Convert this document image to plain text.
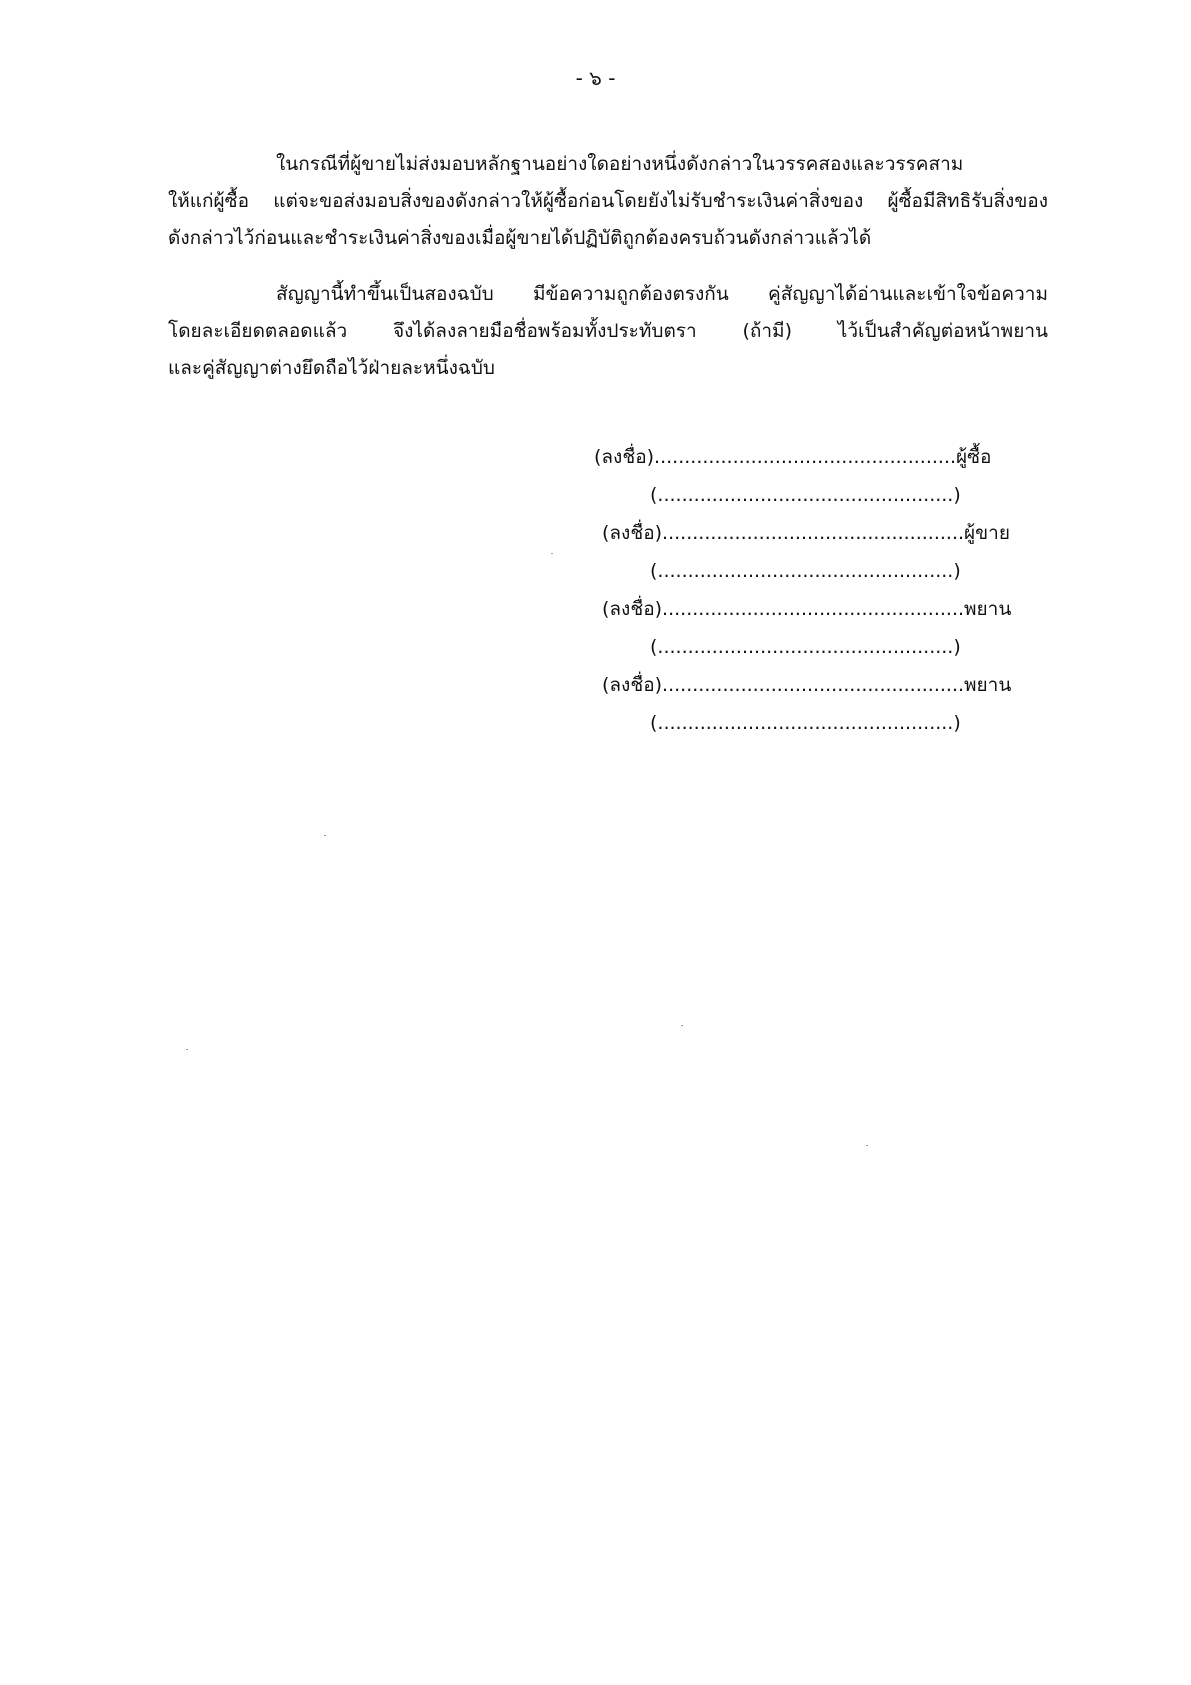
- ๖ -
ในกรณีที่ผู้ขายไม่ส่งมอบหลักฐานอย่างใดอย่างหนึ่งดังกล่าวในวรรคสองและวรรคสาม
ให้แก่ผู้ซื้อ แต่จะขอส่งมอบสิ่งของดังกล่าวให้ผู้ซื้อก่อนโดยยังไม่รับชำระเงินค่าสิ่งของ ผู้ซื้อมีสิทธิรับสิ่งของ
ดังกล่าวไว้ก่อนและชำระเงินค่าสิ่งของเมื่อผู้ขายได้ปฏิบัติถูกต้องครบถ้วนดังกล่าวแล้วได้
สัญญานี้ทำขึ้นเป็นสองฉบับ มีข้อความถูกต้องตรงกัน คู่สัญญาได้อ่านและเข้าใจข้อความ
โดยละเอียดตลอดแล้ว จึงได้ลงลายมือชื่อพร้อมทั้งประทับตรา (ถ้ามี) ไว้เป็นสำคัญต่อหน้าพยาน
และคู่สัญญาต่างยึดถือไว้ฝ่ายละหนึ่งฉบับ
(ลงชื่อ)..................................................ผู้ซื้อ
(.................................................)
(ลงชื่อ)..................................................ผู้ขาย
(.................................................)
(ลงชื่อ)..................................................พยาน
(.................................................)
(ลงชื่อ)..................................................พยาน
(.................................................)
